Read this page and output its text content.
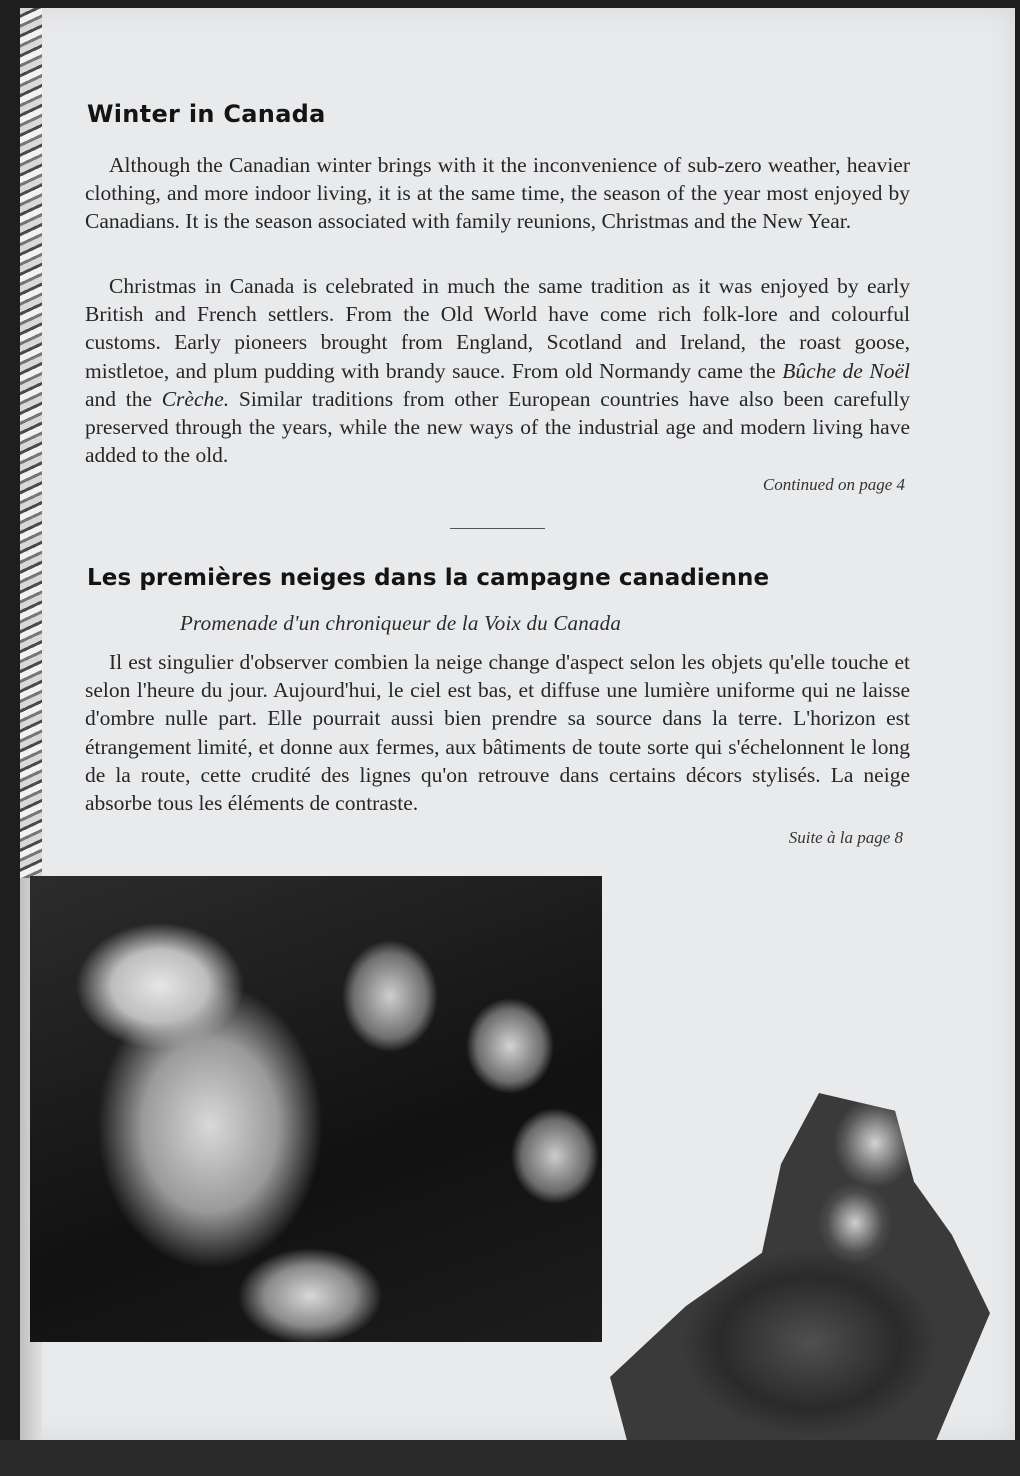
Winter in Canada

Although the Canadian winter brings with it the inconvenience of sub-zero weather, heavier clothing, and more indoor living, it is at the same time, the season of the year most enjoyed by Canadians. It is the season associated with family reunions, Christmas and the New Year.

Christmas in Canada is celebrated in much the same tradition as it was enjoyed by early British and French settlers. From the Old World have come rich folk-lore and colourful customs. Early pioneers brought from England, Scotland and Ireland, the roast goose, mistletoe, and plum pudding with brandy sauce. From old Normandy came the Bûche de Noël and the Crèche. Similar traditions from other European countries have also been carefully preserved through the years, while the new ways of the industrial age and modern living have added to the old.

Continued on page 4
Les premières neiges dans la campagne canadienne
Promenade d'un chroniqueur de la Voix du Canada

Il est singulier d'observer combien la neige change d'aspect selon les objets qu'elle touche et selon l'heure du jour. Aujourd'hui, le ciel est bas, et diffuse une lumière uniforme qui ne laisse d'ombre nulle part. Elle pourrait aussi bien prendre sa source dans la terre. L'horizon est étrangement limité, et donne aux fermes, aux bâtiments de toute sorte qui s'échelonnent le long de la route, cette crudité des lignes qu'on retrouve dans certains décors stylisés. La neige absorbe tous les éléments de contraste.

Suite à la page 8
